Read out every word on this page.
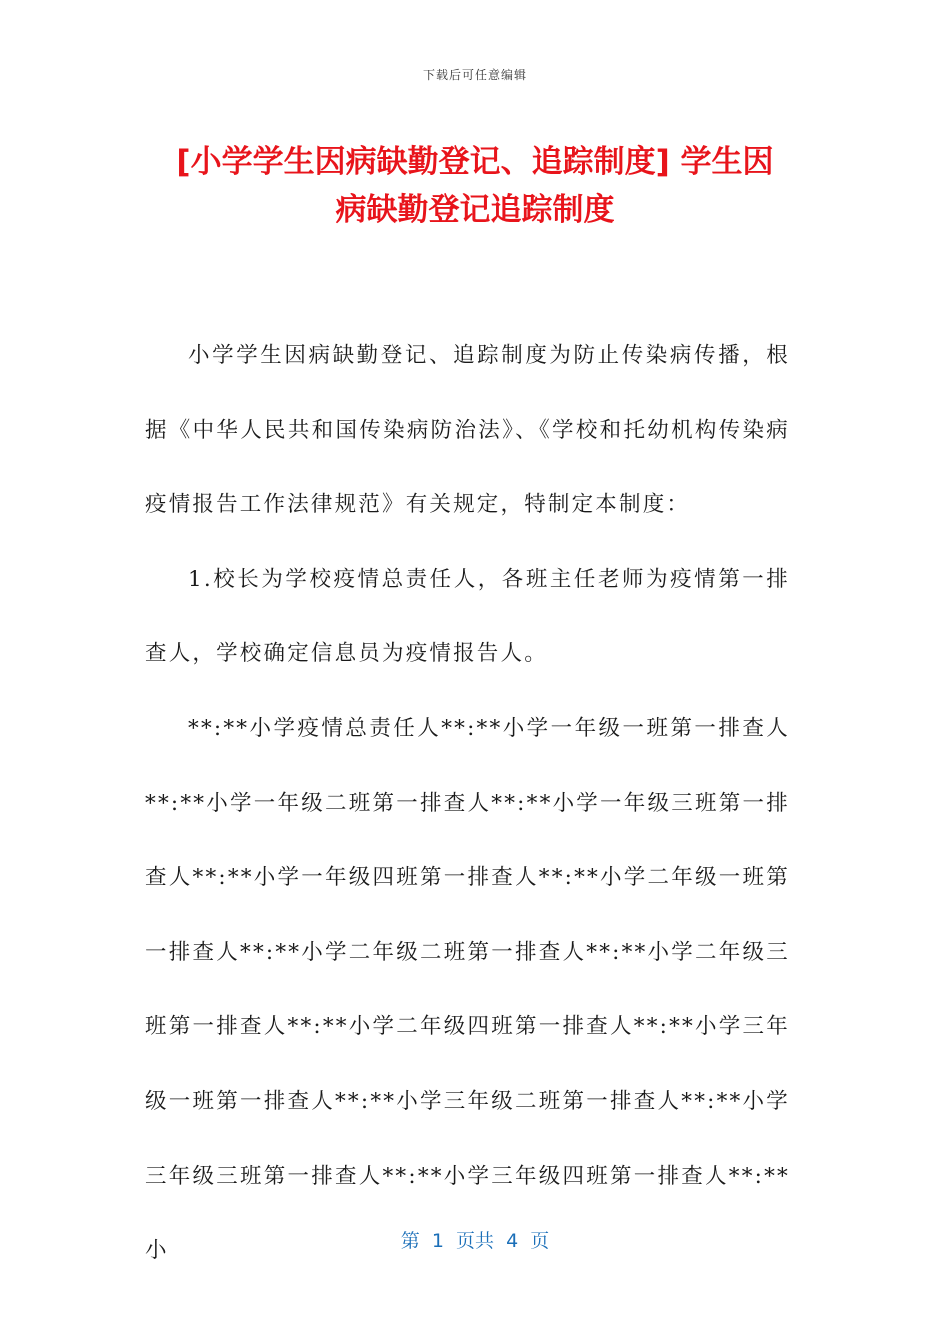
下载后可任意编辑
[小学学生因病缺勤登记、追踪制度] 学生因
病缺勤登记追踪制度

小学学生因病缺勤登记、追踪制度为防止传染病传播，根据《中华人民共和国传染病防治法》、《学校和托幼机构传染病疫情报告工作法律规范》有关规定，特制定本制度：

1.校长为学校疫情总责任人，各班主任老师为疫情第一排查人，学校确定信息员为疫情报告人。

**:**小学疫情总责任人**:**小学一年级一班第一排查人**:**小学一年级二班第一排查人**:**小学一年级三班第一排查人**:**小学一年级四班第一排查人**:**小学二年级一班第一排查人**:**小学二年级二班第一排查人**:**小学二年级三班第一排查人**:**小学二年级四班第一排查人**:**小学三年级一班第一排查人**:**小学三年级二班第一排查人**:**小学三年级三班第一排查人**:**小学三年级四班第一排查人**:**小	第  1  页共  4  页
